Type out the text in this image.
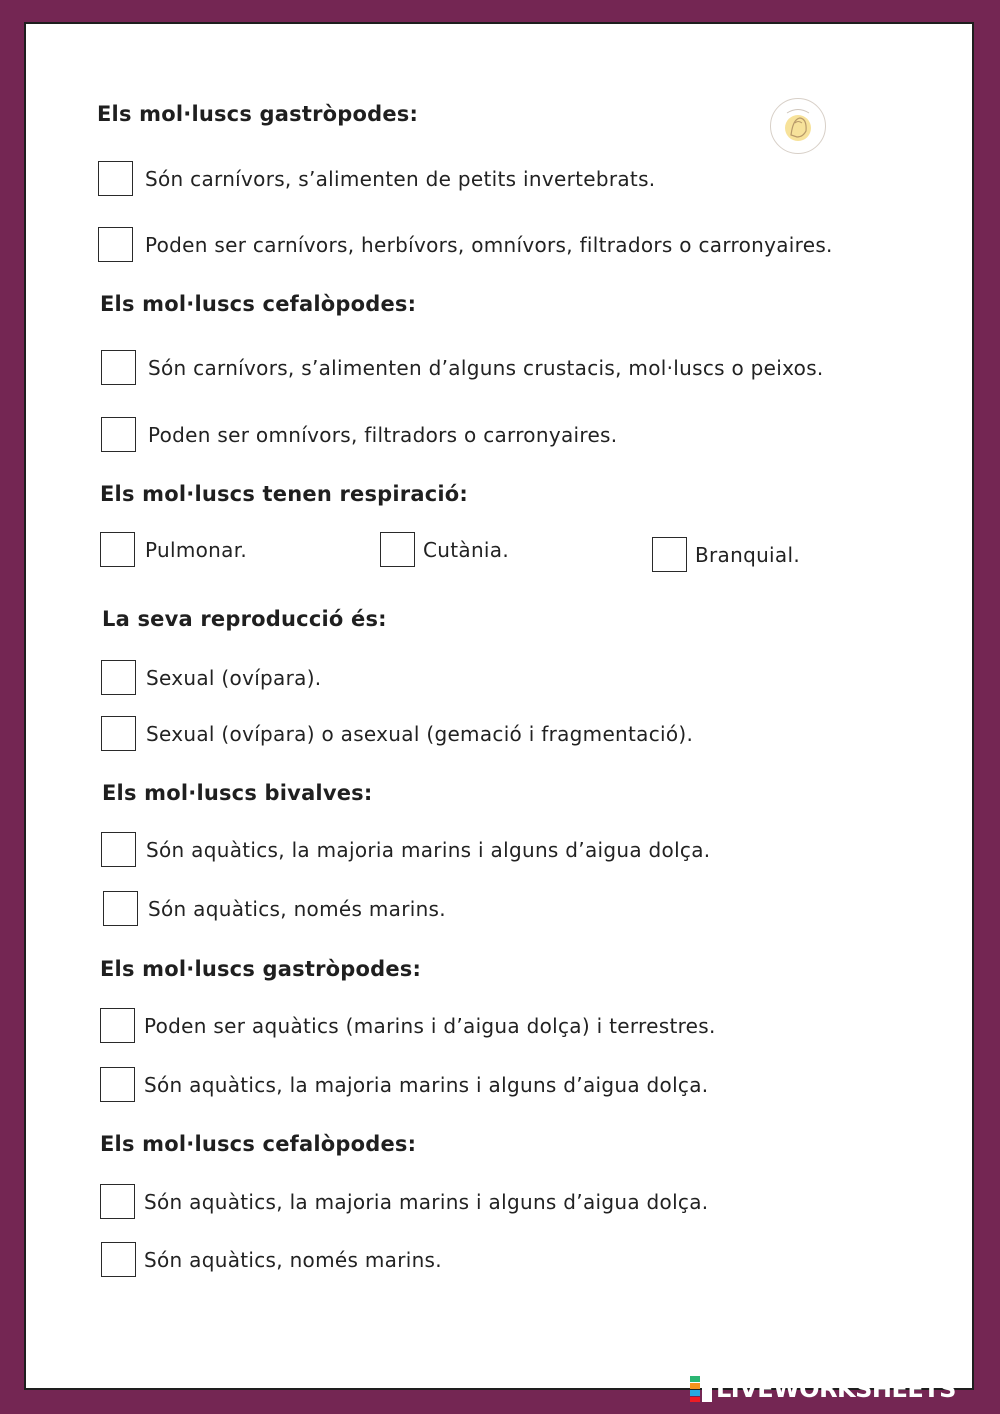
Els mol·luscs gastròpodes:
Són carnívors, s’alimenten de petits invertebrats.
Poden ser carnívors, herbívors, omnívors, filtradors o carronyaires.
Els mol·luscs cefalòpodes:
Són carnívors, s’alimenten d’alguns crustacis, mol·luscs o peixos.
Poden ser omnívors, filtradors o carronyaires.
Els mol·luscs tenen respiració:
Pulmonar.	Cutània.	Branquial.
La seva reproducció és:
Sexual (ovípara).
Sexual (ovípara) o asexual (gemació i fragmentació).
Els mol·luscs bivalves:
Són aquàtics, la majoria marins i alguns d’aigua dolça.
Són aquàtics, només marins.
Els mol·luscs gastròpodes:
Poden ser aquàtics (marins i d’aigua dolça) i terrestres.
Són aquàtics, la majoria marins i alguns d’aigua dolça.
Els mol·luscs cefalòpodes:
Són aquàtics, la majoria marins i alguns d’aigua dolça.
Són aquàtics, només marins.
LIVEWORKSHEETS
